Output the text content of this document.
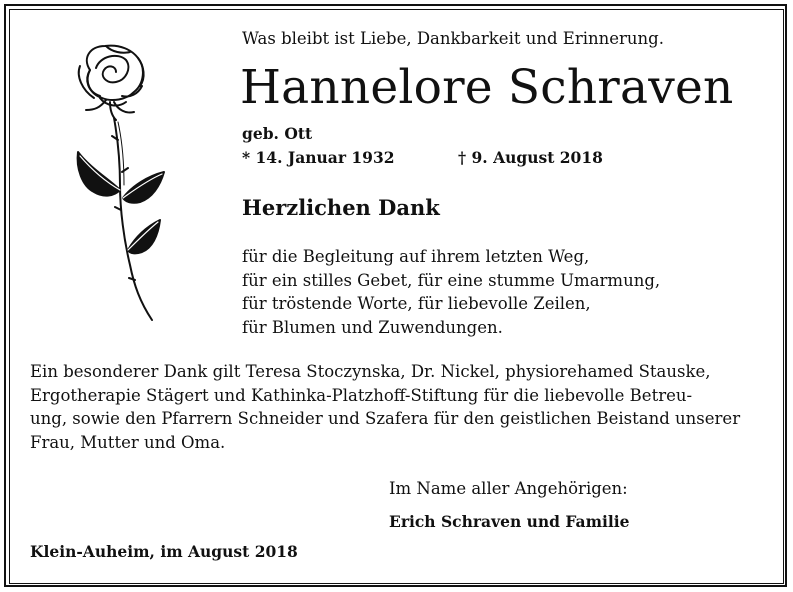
Was bleibt ist Liebe, Dankbarkeit und Erinnerung.
Hannelore Schraven
geb. Ott
* 14. Januar 1932	† 9. August 2018
Herzlichen Dank
für die Begleitung auf ihrem letzten Weg,
für ein stilles Gebet, für eine stumme Umarmung,
für tröstende Worte, für liebevolle Zeilen,
für Blumen und Zuwendungen.
Ein besonderer Dank gilt Teresa Stoczynska, Dr. Nickel, physiorehamed Stauske,
Ergotherapie Stägert und Kathinka-Platzhoff-Stiftung für die liebevolle Betreu-
ung, sowie den Pfarrern Schneider und Szafera für den geistlichen Beistand unserer
Frau, Mutter und Oma.
Im Name aller Angehörigen:
Erich Schraven und Familie
Klein-Auheim, im August 2018
